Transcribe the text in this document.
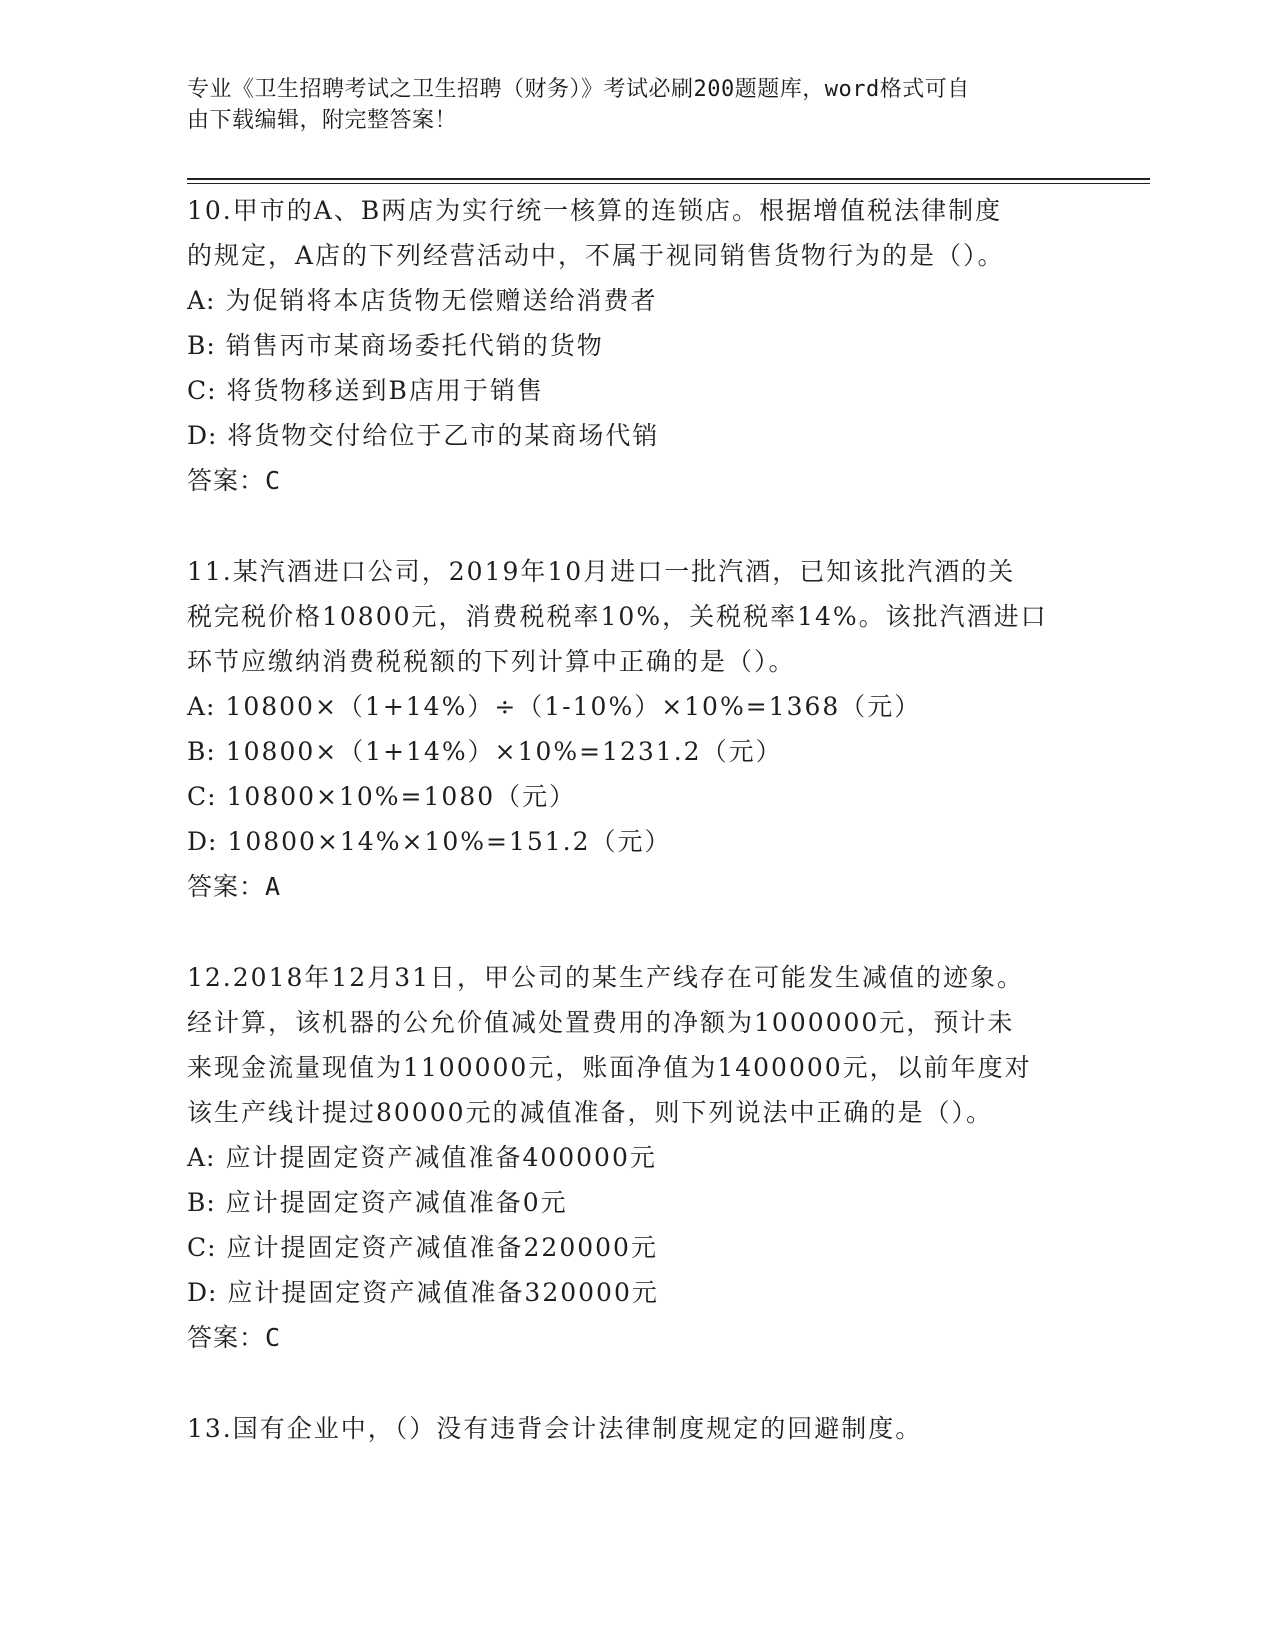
专业《卫生招聘考试之卫生招聘（财务）》考试必刷200题题库，word格式可自
由下载编辑，附完整答案！
10.甲市的A、B两店为实行统一核算的连锁店。根据增值税法律制度
的规定，A店的下列经营活动中，不属于视同销售货物行为的是（）。
A: 为促销将本店货物无偿赠送给消费者
B: 销售丙市某商场委托代销的货物
C: 将货物移送到B店用于销售
D: 将货物交付给位于乙市的某商场代销
答案：C
11.某汽酒进口公司，2019年10月进口一批汽酒，已知该批汽酒的关
税完税价格10800元，消费税税率10%，关税税率14%。该批汽酒进口
环节应缴纳消费税税额的下列计算中正确的是（）。
A: 10800×（1+14%）÷（1-10%）×10%=1368（元）
B: 10800×（1+14%）×10%=1231.2（元）
C: 10800×10%=1080（元）
D: 10800×14%×10%=151.2（元）
答案：A
12.2018年12月31日，甲公司的某生产线存在可能发生减值的迹象。
经计算，该机器的公允价值减处置费用的净额为1000000元，预计未
来现金流量现值为1100000元，账面净值为1400000元，以前年度对
该生产线计提过80000元的减值准备，则下列说法中正确的是（）。
A: 应计提固定资产减值准备400000元
B: 应计提固定资产减值准备0元
C: 应计提固定资产减值准备220000元
D: 应计提固定资产减值准备320000元
答案：C
13.国有企业中，（）没有违背会计法律制度规定的回避制度。
